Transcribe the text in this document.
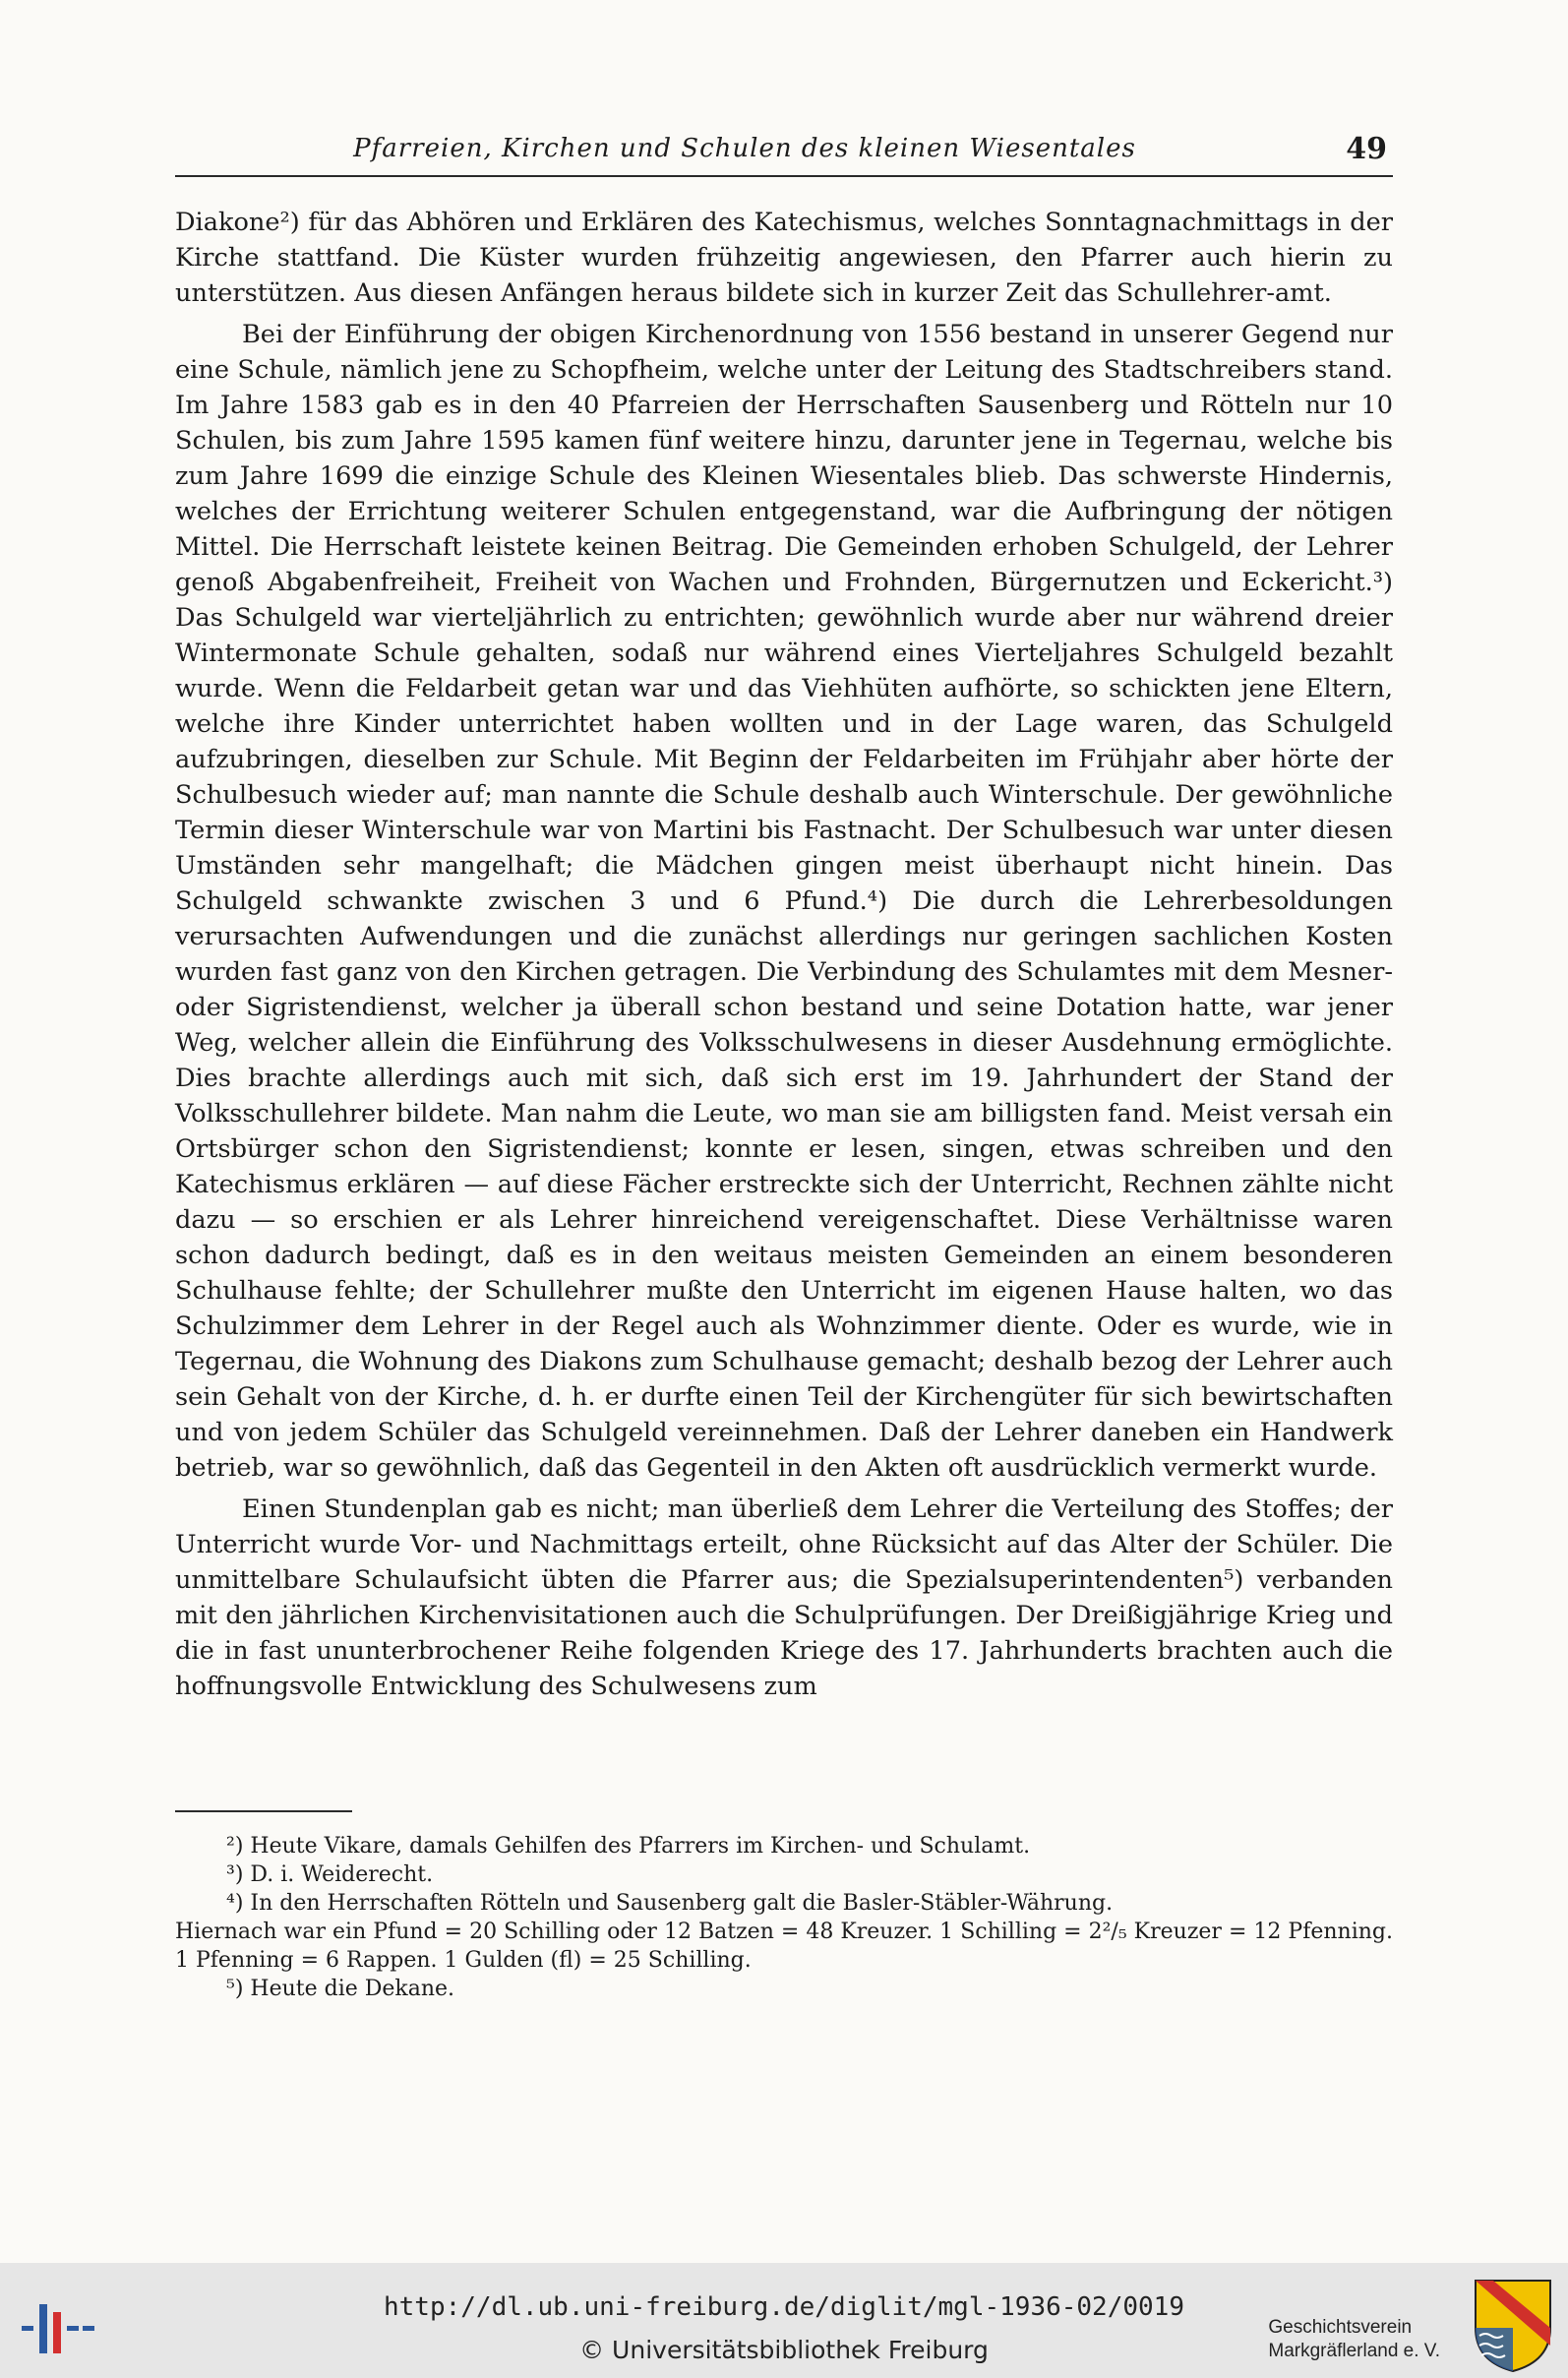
Pfarreien, Kirchen und Schulen des kleinen Wiesentales	49

Diakone²) für das Abhören und Erklären des Katechismus, welches Sonntagnachmittags in der Kirche stattfand. Die Küster wurden frühzeitig angewiesen, den Pfarrer auch hierin zu unterstützen. Aus diesen Anfängen heraus bildete sich in kurzer Zeit das Schullehrer-amt.

Bei der Einführung der obigen Kirchenordnung von 1556 bestand in unserer Gegend nur eine Schule, nämlich jene zu Schopfheim, welche unter der Leitung des Stadtschreibers stand. Im Jahre 1583 gab es in den 40 Pfarreien der Herrschaften Sausenberg und Rötteln nur 10 Schulen, bis zum Jahre 1595 kamen fünf weitere hinzu, darunter jene in Tegernau, welche bis zum Jahre 1699 die einzige Schule des Kleinen Wiesentales blieb. Das schwerste Hindernis, welches der Errichtung weiterer Schulen entgegenstand, war die Aufbringung der nötigen Mittel. Die Herrschaft leistete keinen Beitrag. Die Gemeinden erhoben Schulgeld, der Lehrer genoß Abgabenfreiheit, Freiheit von Wachen und Frohnden, Bürgernutzen und Eckericht.³) Das Schulgeld war vierteljährlich zu entrichten; gewöhnlich wurde aber nur während dreier Wintermonate Schule gehalten, sodaß nur während eines Vierteljahres Schulgeld bezahlt wurde. Wenn die Feldarbeit getan war und das Viehhüten aufhörte, so schickten jene Eltern, welche ihre Kinder unterrichtet haben wollten und in der Lage waren, das Schulgeld aufzubringen, dieselben zur Schule. Mit Beginn der Feldarbeiten im Frühjahr aber hörte der Schulbesuch wieder auf; man nannte die Schule deshalb auch Winterschule. Der gewöhnliche Termin dieser Winterschule war von Martini bis Fastnacht. Der Schulbesuch war unter diesen Umständen sehr mangelhaft; die Mädchen gingen meist überhaupt nicht hinein. Das Schulgeld schwankte zwischen 3 und 6 Pfund.⁴) Die durch die Lehrerbesoldungen verursachten Aufwendungen und die zunächst allerdings nur geringen sachlichen Kosten wurden fast ganz von den Kirchen getragen. Die Verbindung des Schulamtes mit dem Mesner- oder Sigristendienst, welcher ja überall schon bestand und seine Dotation hatte, war jener Weg, welcher allein die Einführung des Volksschulwesens in dieser Ausdehnung ermöglichte. Dies brachte allerdings auch mit sich, daß sich erst im 19. Jahrhundert der Stand der Volksschullehrer bildete. Man nahm die Leute, wo man sie am billigsten fand. Meist versah ein Ortsbürger schon den Sigristendienst; konnte er lesen, singen, etwas schreiben und den Katechismus erklären — auf diese Fächer erstreckte sich der Unterricht, Rechnen zählte nicht dazu — so erschien er als Lehrer hinreichend vereigenschaftet. Diese Verhältnisse waren schon dadurch bedingt, daß es in den weitaus meisten Gemeinden an einem besonderen Schulhause fehlte; der Schullehrer mußte den Unterricht im eigenen Hause halten, wo das Schulzimmer dem Lehrer in der Regel auch als Wohnzimmer diente. Oder es wurde, wie in Tegernau, die Wohnung des Diakons zum Schulhause gemacht; deshalb bezog der Lehrer auch sein Gehalt von der Kirche, d. h. er durfte einen Teil der Kirchengüter für sich bewirtschaften und von jedem Schüler das Schulgeld vereinnehmen. Daß der Lehrer daneben ein Handwerk betrieb, war so gewöhnlich, daß das Gegenteil in den Akten oft ausdrücklich vermerkt wurde.

Einen Stundenplan gab es nicht; man überließ dem Lehrer die Verteilung des Stoffes; der Unterricht wurde Vor- und Nachmittags erteilt, ohne Rücksicht auf das Alter der Schüler. Die unmittelbare Schulaufsicht übten die Pfarrer aus; die Spezialsuperintendenten⁵) verbanden mit den jährlichen Kirchenvisitationen auch die Schulprüfungen. Der Dreißigjährige Krieg und die in fast ununterbrochener Reihe folgenden Kriege des 17. Jahrhunderts brachten auch die hoffnungsvolle Entwicklung des Schulwesens zum

²) Heute Vikare, damals Gehilfen des Pfarrers im Kirchen- und Schulamt.

³) D. i. Weiderecht.

⁴) In den Herrschaften Rötteln und Sausenberg galt die Basler-Stäbler-Währung.

Hiernach war ein Pfund = 20 Schilling oder 12 Batzen = 48 Kreuzer. 1 Schilling = 2²/₅ Kreuzer = 12 Pfenning. 1 Pfenning = 6 Rappen. 1 Gulden (fl) = 25 Schilling.

⁵) Heute die Dekane.

http://dl.ub.uni-freiburg.de/diglit/mgl-1936-02/0019
© Universitätsbibliothek Freiburg
Geschichtsverein
Markgräflerland e. V.
